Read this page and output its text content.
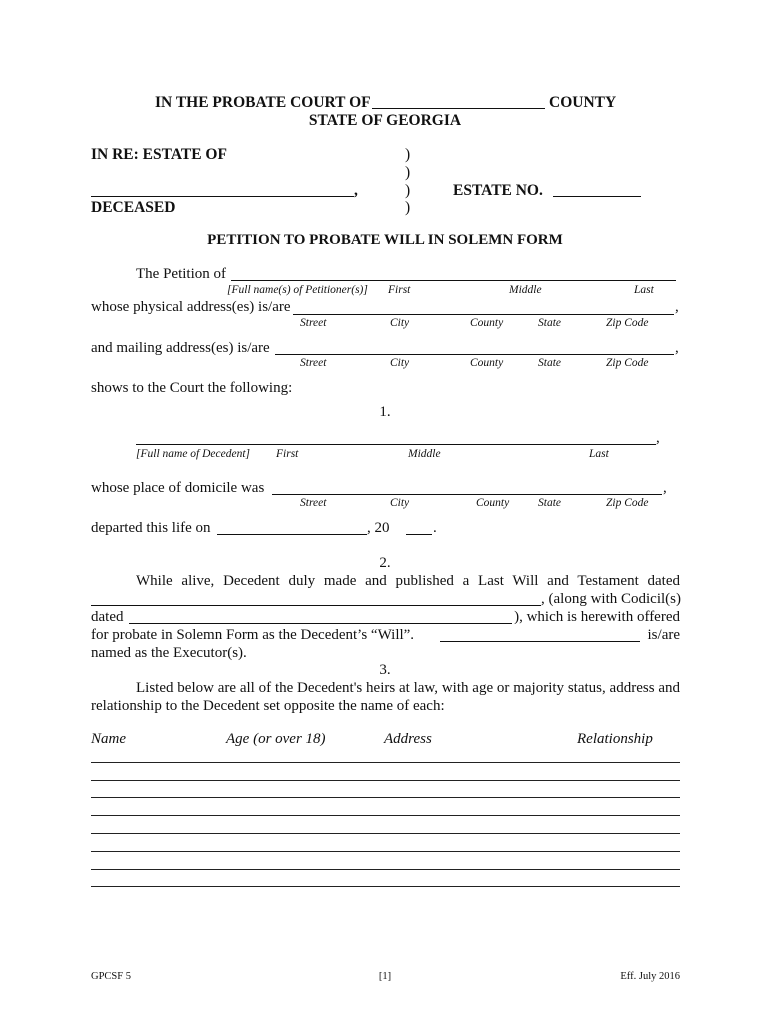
IN THE PROBATE COURT OF	COUNTY
STATE OF GEORGIA
IN RE: ESTATE OF	)
)
,	)	ESTATE NO.
DECEASED	)
PETITION TO PROBATE WILL IN SOLEMN FORM
The Petition of
[Full name(s) of Petitioner(s)] First	Middle	Last
whose physical address(es) is/are	,
Street	City	County	State	Zip Code
and mailing address(es) is/are	,
Street	City	County	State	Zip Code
shows to the Court the following:
1.
,
[Full name of Decedent] First	Middle	Last
whose place of domicile was	,
Street	City	County	State	Zip Code
departed this life on	, 20	.
2.
While alive, Decedent duly made and published a Last Will and Testament dated
, (along with Codicil(s)
dated	), which is herewith offered
for probate in Solemn Form as the Decedent’s “Will”.	is/are
named as the Executor(s).
3.
Listed below are all of the Decedent's heirs at law, with age or majority status, address and
relationship to the Decedent set opposite the name of each:
Name	Age (or over 18)	Address	Relationship
GPCSF 5	[1]	Eff. July 2016
